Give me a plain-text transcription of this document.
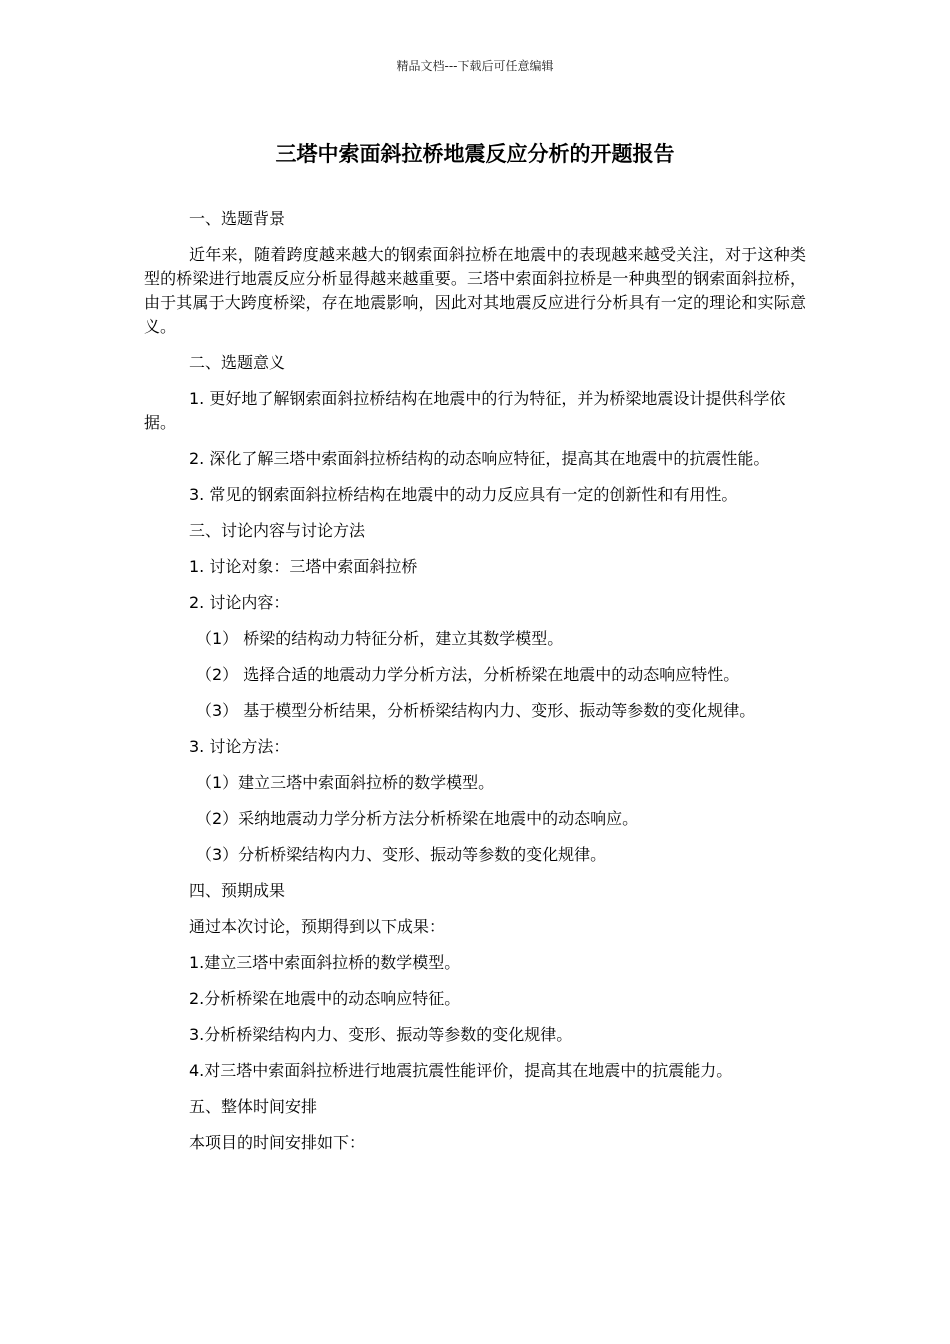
精品文档---下载后可任意编辑
三塔中索面斜拉桥地震反应分析的开题报告

一、选题背景

近年来，随着跨度越来越大的钢索面斜拉桥在地震中的表现越来越受关注，对于这种类型的桥梁进行地震反应分析显得越来越重要。三塔中索面斜拉桥是一种典型的钢索面斜拉桥，由于其属于大跨度桥梁，存在地震影响，因此对其地震反应进行分析具有一定的理论和实际意义。

二、选题意义

1. 更好地了解钢索面斜拉桥结构在地震中的行为特征，并为桥梁地震设计提供科学依据。

2. 深化了解三塔中索面斜拉桥结构的动态响应特征，提高其在地震中的抗震性能。

3. 常见的钢索面斜拉桥结构在地震中的动力反应具有一定的创新性和有用性。

三、讨论内容与讨论方法

1. 讨论对象：三塔中索面斜拉桥

2. 讨论内容：

（1） 桥梁的结构动力特征分析，建立其数学模型。

（2） 选择合适的地震动力学分析方法，分析桥梁在地震中的动态响应特性。

（3） 基于模型分析结果，分析桥梁结构内力、变形、振动等参数的变化规律。

3. 讨论方法：

（1）建立三塔中索面斜拉桥的数学模型。

（2）采纳地震动力学分析方法分析桥梁在地震中的动态响应。

（3）分析桥梁结构内力、变形、振动等参数的变化规律。

四、预期成果

通过本次讨论，预期得到以下成果：

1.建立三塔中索面斜拉桥的数学模型。

2.分析桥梁在地震中的动态响应特征。

3.分析桥梁结构内力、变形、振动等参数的变化规律。

4.对三塔中索面斜拉桥进行地震抗震性能评价，提高其在地震中的抗震能力。

五、整体时间安排

本项目的时间安排如下：
